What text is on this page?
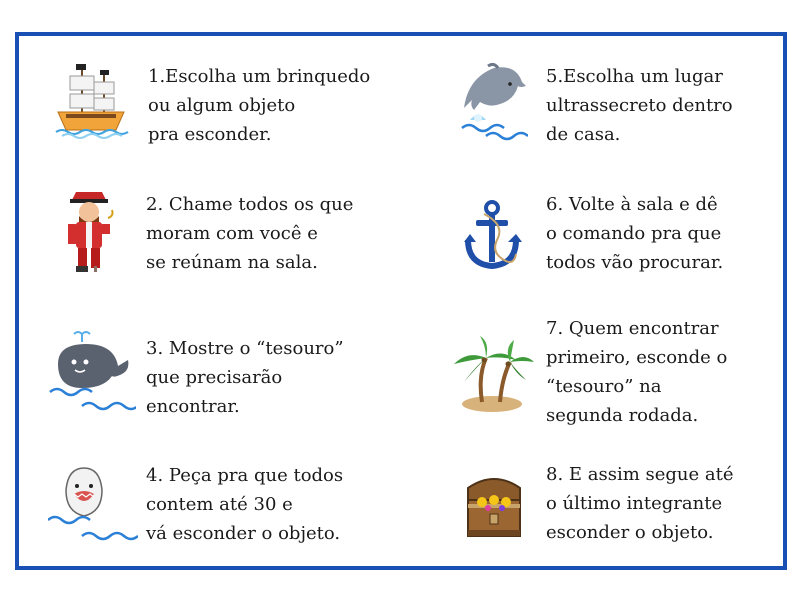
1.Escolha um brinquedo
ou algum objeto
pra esconder.
2. Chame todos os que
moram com você e
se reúnam na sala.
3. Mostre o “tesouro”
que precisarão
encontrar.
4. Peça pra que todos
contem até 30 e
vá esconder o objeto.
5.Escolha um lugar
ultrassecreto dentro
de casa.
6. Volte à sala e dê
o comando pra que
todos vão procurar.
7. Quem encontrar
primeiro, esconde o
“tesouro” na
segunda rodada.
8. E assim segue até
o último integrante
esconder o objeto.
